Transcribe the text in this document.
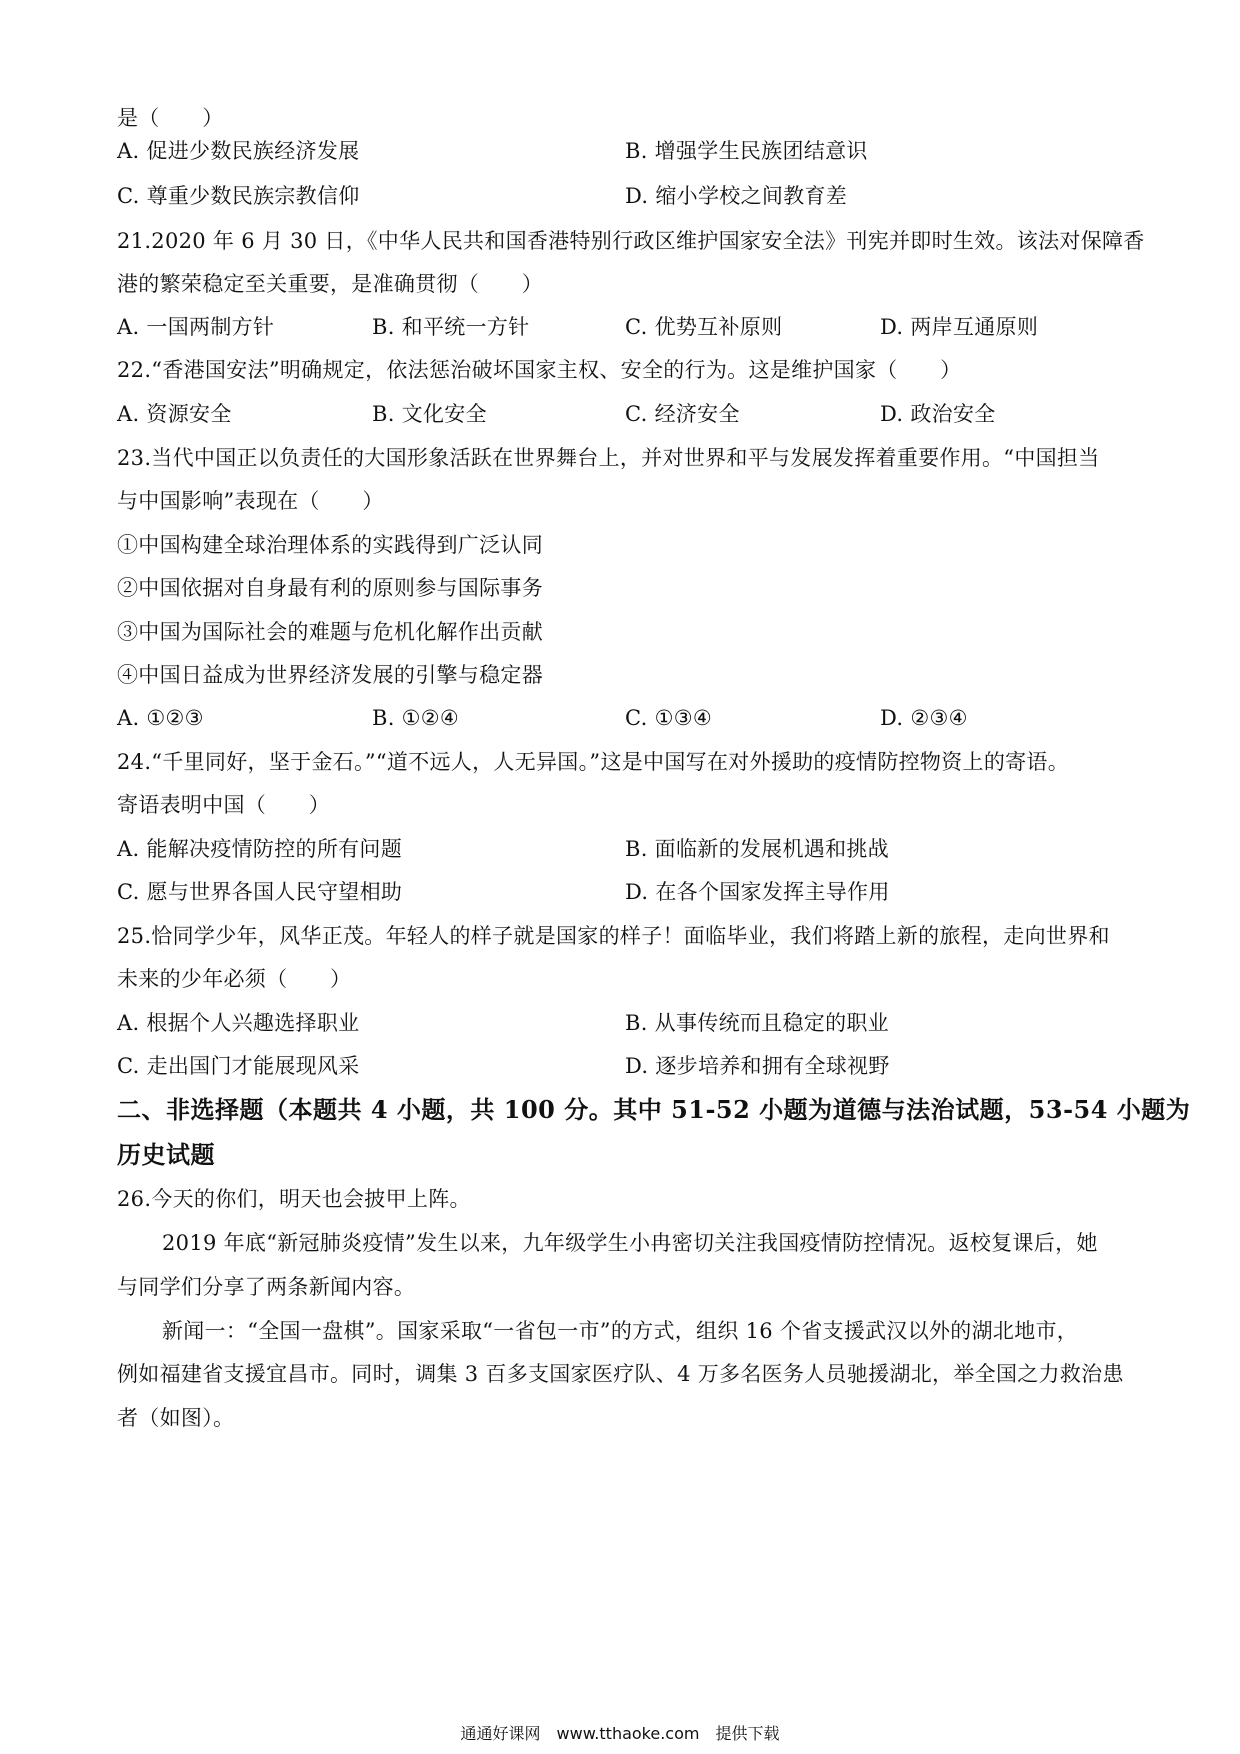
是（　　）
A. 促进少数民族经济发展	B. 增强学生民族团结意识
C. 尊重少数民族宗教信仰	D. 缩小学校之间教育差
21.2020 年 6 月 30 日，《中华人民共和国香港特别行政区维护国家安全法》刊宪并即时生效。该法对保障香
港的繁荣稳定至关重要，是准确贯彻（　　）
A. 一国两制方针	B. 和平统一方针	C. 优势互补原则	D. 两岸互通原则
22.“香港国安法”明确规定，依法惩治破坏国家主权、安全的行为。这是维护国家（　　）
A. 资源安全	B. 文化安全	C. 经济安全	D. 政治安全
23.当代中国正以负责任的大国形象活跃在世界舞台上，并对世界和平与发展发挥着重要作用。“中国担当
与中国影响”表现在（　　）
①中国构建全球治理体系的实践得到广泛认同
②中国依据对自身最有利的原则参与国际事务
③中国为国际社会的难题与危机化解作出贡献
④中国日益成为世界经济发展的引擎与稳定器
A. ①②③	B. ①②④	C. ①③④	D. ②③④
24.“千里同好，坚于金石。”“道不远人，人无异国。”这是中国写在对外援助的疫情防控物资上的寄语。
寄语表明中国（　　）
A. 能解决疫情防控的所有问题	B. 面临新的发展机遇和挑战
C. 愿与世界各国人民守望相助	D. 在各个国家发挥主导作用
25.恰同学少年，风华正茂。年轻人的样子就是国家的样子！面临毕业，我们将踏上新的旅程，走向世界和
未来的少年必须（　　）
A. 根据个人兴趣选择职业	B. 从事传统而且稳定的职业
C. 走出国门才能展现风采	D. 逐步培养和拥有全球视野
二、非选择题（本题共 4 小题，共 100 分。其中 51-52 小题为道德与法治试题，53-54 小题为
历史试题
26.今天的你们，明天也会披甲上阵。
2019 年底“新冠肺炎疫情”发生以来，九年级学生小冉密切关注我国疫情防控情况。返校复课后，她
与同学们分享了两条新闻内容。
新闻一：“全国一盘棋”。国家采取“一省包一市”的方式，组织 16 个省支援武汉以外的湖北地市，
例如福建省支援宜昌市。同时，调集 3 百多支国家医疗队、4 万多名医务人员驰援湖北，举全国之力救治患
者（如图）。
通通好课网　www.tthaoke.com　提供下载
